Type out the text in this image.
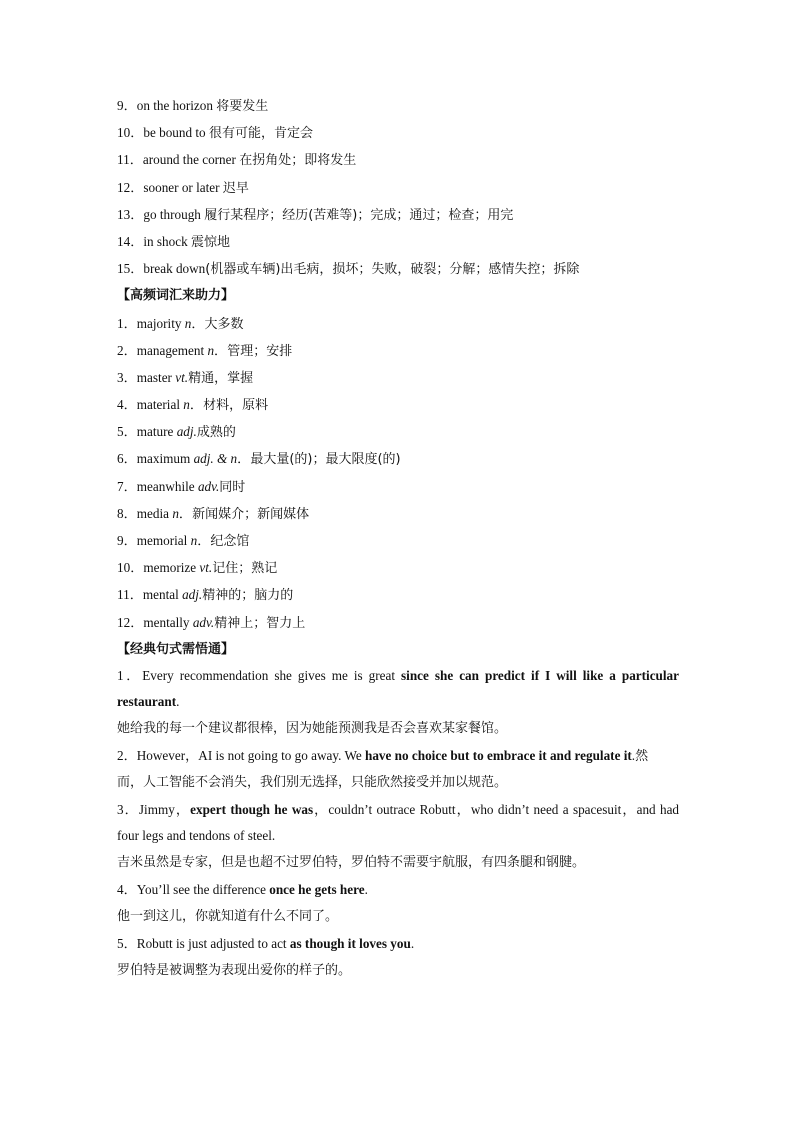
9．on the horizon 将要发生
10．be bound to 很有可能，肯定会
11．around the corner 在拐角处；即将发生
12．sooner or later 迟早
13．go through 履行某程序；经历(苦难等)；完成；通过；检查；用完
14．in shock 震惊地
15．break down(机器或车辆)出毛病，损坏；失败，破裂；分解；感情失控；拆除
【高频词汇来助力】
1．majority n．大多数
2．management n．管理；安排
3．master vt.精通，掌握
4．material n．材料，原料
5．mature adj.成熟的
6．maximum adj. & n．最大量(的)；最大限度(的)
7．meanwhile adv.同时
8．media n．新闻媒介；新闻媒体
9．memorial n．纪念馆
10．memorize vt.记住；熟记
11．mental adj.精神的；脑力的
12．mentally adv.精神上；智力上
【经典句式需悟通】
1．Every recommendation she gives me is great since she can predict if I will like a particular restaurant.
她给我的每一个建议都很棒，因为她能预测我是否会喜欢某家餐馆。
2．However，AI is not going to go away. We have no choice but to embrace it and regulate it.然
而，人工智能不会消失，我们别无选择，只能欣然接受并加以规范。
3．Jimmy，expert though he was，couldn’t outrace Robutt，who didn’t need a spacesuit，and had four legs and tendons of steel.
吉米虽然是专家，但是也超不过罗伯特，罗伯特不需要宇航服，有四条腿和钢腱。
4．You’ll see the difference once he gets here.
他一到这儿，你就知道有什么不同了。
5．Robutt is just adjusted to act as though it loves you.
罗伯特是被调整为表现出爱你的样子的。
